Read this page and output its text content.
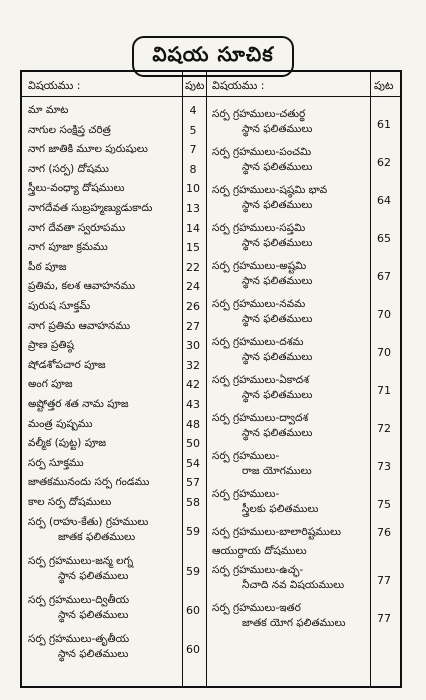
విషయ సూచిక
విషయము :	పుట విషయము :	పుట
మా మాట	4
నాగుల సంక్షిప్త చరిత్ర	5
నాగ జాతికి మూల పురుషులు	7
నాగ (సర్ప) దోషము	8
స్త్రీలు-వంధ్యా దోషములు	10
నాగదేవత సుబ్రహ్మణ్యుడుకాదు	13
నాగ దేవతా స్వరూపము	14
నాగ పూజా క్రమము	15
పీఠ పూజ	22
ప్రతిమ, కలశ ఆవాహనము	24
పురుష సూక్తమ్	26
నాగ ప్రతిమ ఆవాహనము	27
ప్రాణ ప్రతిష్ఠ	30
షోడశోపచార పూజ	32
అంగ పూజ	42
అష్టోత్తర శత నామ పూజ	43
మంత్ర పుష్పము	48
వల్మీక (పుట్ట) పూజ	50
సర్ప సూక్తము	54
జాతకమునందు సర్ప గండము	57
కాల సర్ప దోషములు	58
సర్ప (రాహు-కేతు) గ్రహములు
జాతక ఫలితములు	59
సర్ప గ్రహములు-జన్మ లగ్న
స్థాన ఫలితములు	59
సర్ప గ్రహములు-ద్వితీయ
స్థాన ఫలితములు	60
సర్ప గ్రహములు-తృతీయ
స్థాన ఫలితములు	60
సర్ప గ్రహములు-చతుర్థ
స్థాన ఫలితములు	61
సర్ప గ్రహములు-పంచమి
స్థాన ఫలితములు	62
సర్ప గ్రహములు-షష్ఠమి భావ
స్థాన ఫలితములు	64
సర్ప గ్రహములు-సప్తమి
స్థాన ఫలితములు	65
సర్ప గ్రహములు-అష్టమి
స్థాన ఫలితములు	67
సర్ప గ్రహములు-నవమ
స్థాన ఫలితములు	70
సర్ప గ్రహములు-దశమ
స్థాన ఫలితములు	70
సర్ప గ్రహములు-ఏకాదశ
స్థాన ఫలితములు	71
సర్ప గ్రహములు-ద్వాదశ
స్థాన ఫలితములు	72
సర్ప గ్రహములు-
రాజ యోగములు	73
సర్ప గ్రహములు-
స్త్రీలకు ఫలితములు	75
సర్ప గ్రహములు-బాలారిష్టములు	76
ఆయుర్దాయ దోషములు
సర్ప గ్రహములు-ఉచ్ఛ-
నీచాది నవ విషయములు	77
సర్ప గ్రహములు-ఇతర
జాతక యోగ ఫలితములు	77
